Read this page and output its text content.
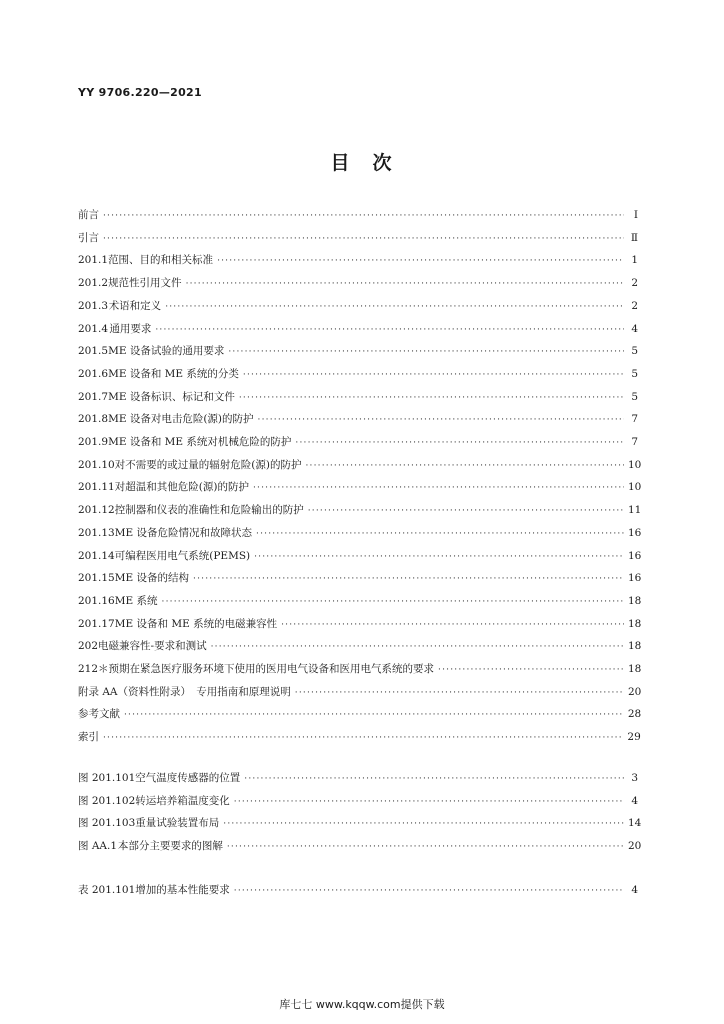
YY 9706.220—2021
目　次
前言 ·····	Ⅰ
引言 ·····	Ⅱ
201.1 范围、目的和相关标准 ·····	1
201.2 规范性引用文件 ·····	2
201.3 术语和定义 ·····	2
201.4 通用要求 ·····	4
201.5 ME 设备试验的通用要求 ·····	5
201.6 ME 设备和 ME 系统的分类 ·····	5
201.7 ME 设备标识、标记和文件 ·····	5
201.8 ME 设备对电击危险(源)的防护 ·····	7
201.9 ME 设备和 ME 系统对机械危险的防护 ·····	7
201.10 对不需要的或过量的辐射危险(源)的防护 ·····	10
201.11 对超温和其他危险(源)的防护 ·····	10
201.12 控制器和仪表的准确性和危险输出的防护 ·····	11
201.13 ME 设备危险情况和故障状态 ·····	16
201.14 可编程医用电气系统(PEMS) ·····	16
201.15 ME 设备的结构 ·····	16
201.16 ME 系统 ·····	18
201.17 ME 设备和 ME 系统的电磁兼容性 ·····	18
202 电磁兼容性-要求和测试 ·····	18
212 ＊预期在紧急医疗服务环境下使用的医用电气设备和医用电气系统的要求 ·····	18
附录 AA（资料性附录）　专用指南和原理说明 ·····	20
参考文献 ·····	28
索引 ·····	29
图 201.101 空气温度传感器的位置 ·····	3
图 201.102 转运培养箱温度变化 ·····	4
图 201.103 重量试验装置布局 ·····	14
图 AA.1 本部分主要要求的图解 ·····	20
表 201.101 增加的基本性能要求 ·····	4
库七七 www.kqqw.com提供下载
